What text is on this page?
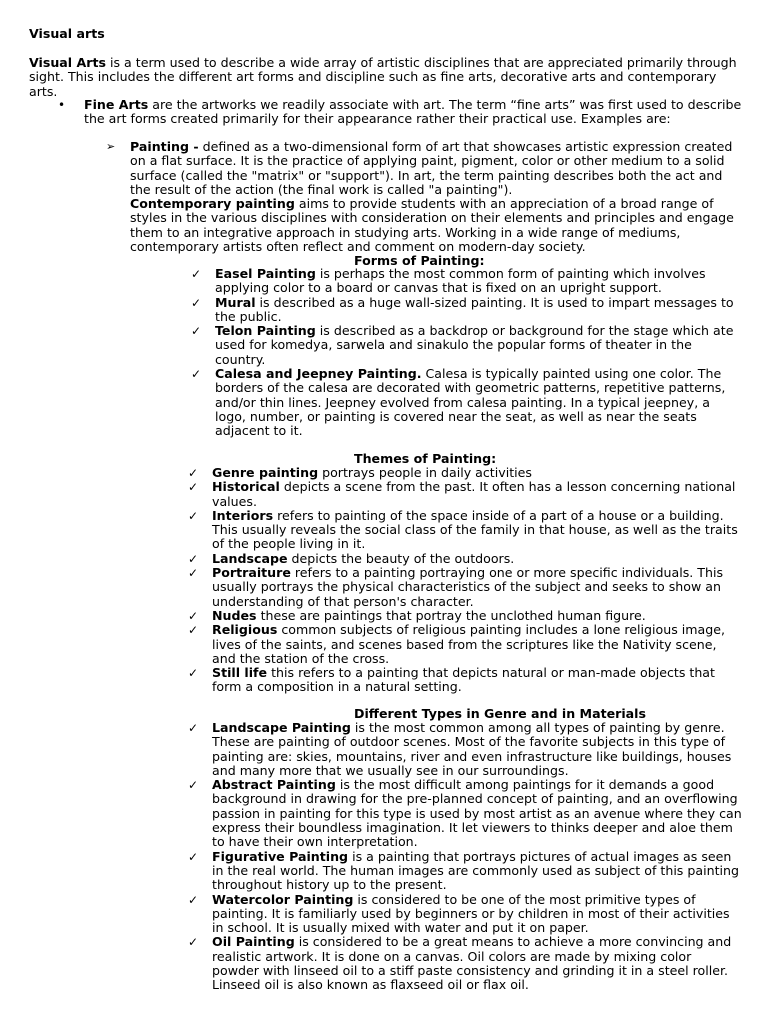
Visual arts
Visual Arts is a term used to describe a wide array of artistic disciplines that are appreciated primarily through sight. This includes the different art forms and discipline such as fine arts, decorative arts and contemporary arts.
• Fine Arts are the artworks we readily associate with art. The term “fine arts” was first used to describe the art forms created primarily for their appearance rather their practical use. Examples are:
➢ Painting - defined as a two-dimensional form of art that showcases artistic expression created on a flat surface. It is the practice of applying paint, pigment, color or other medium to a solid surface (called the "matrix" or "support"). In art, the term painting describes both the act and the result of the action (the final work is called "a painting").
Contemporary painting aims to provide students with an appreciation of a broad range of styles in the various disciplines with consideration on their elements and principles and engage them to an integrative approach in studying arts. Working in a wide range of mediums, contemporary artists often reflect and comment on modern-day society.
Forms of Painting:
✓ Easel Painting is perhaps the most common form of painting which involves applying color to a board or canvas that is fixed on an upright support.
✓ Mural is described as a huge wall-sized painting. It is used to impart messages to the public.
✓ Telon Painting is described as a backdrop or background for the stage which ate used for komedya, sarwela and sinakulo the popular forms of theater in the country.
✓ Calesa and Jeepney Painting. Calesa is typically painted using one color. The borders of the calesa are decorated with geometric patterns, repetitive patterns, and/or thin lines. Jeepney evolved from calesa painting. In a typical jeepney, a logo, number, or painting is covered near the seat, as well as near the seats adjacent to it.
Themes of Painting:
✓ Genre painting portrays people in daily activities
✓ Historical depicts a scene from the past. It often has a lesson concerning national values.
✓ Interiors refers to painting of the space inside of a part of a house or a building. This usually reveals the social class of the family in that house, as well as the traits of the people living in it.
✓ Landscape depicts the beauty of the outdoors.
✓ Portraiture refers to a painting portraying one or more specific individuals. This usually portrays the physical characteristics of the subject and seeks to show an understanding of that person's character.
✓ Nudes these are paintings that portray the unclothed human figure.
✓ Religious common subjects of religious painting includes a lone religious image, lives of the saints, and scenes based from the scriptures like the Nativity scene, and the station of the cross.
✓ Still life this refers to a painting that depicts natural or man-made objects that form a composition in a natural setting.
Different Types in Genre and in Materials
✓ Landscape Painting is the most common among all types of painting by genre. These are painting of outdoor scenes. Most of the favorite subjects in this type of painting are: skies, mountains, river and even infrastructure like buildings, houses and many more that we usually see in our surroundings.
✓ Abstract Painting is the most difficult among paintings for it demands a good background in drawing for the pre-planned concept of painting, and an overflowing passion in painting for this type is used by most artist as an avenue where they can express their boundless imagination. It let viewers to thinks deeper and aloe them to have their own interpretation.
✓ Figurative Painting is a painting that portrays pictures of actual images as seen in the real world. The human images are commonly used as subject of this painting throughout history up to the present.
✓ Watercolor Painting is considered to be one of the most primitive types of painting. It is familiarly used by beginners or by children in most of their activities in school. It is usually mixed with water and put it on paper.
✓ Oil Painting is considered to be a great means to achieve a more convincing and realistic artwork. It is done on a canvas. Oil colors are made by mixing color powder with linseed oil to a stiff paste consistency and grinding it in a steel roller. Linseed oil is also known as flaxseed oil or flax oil.
